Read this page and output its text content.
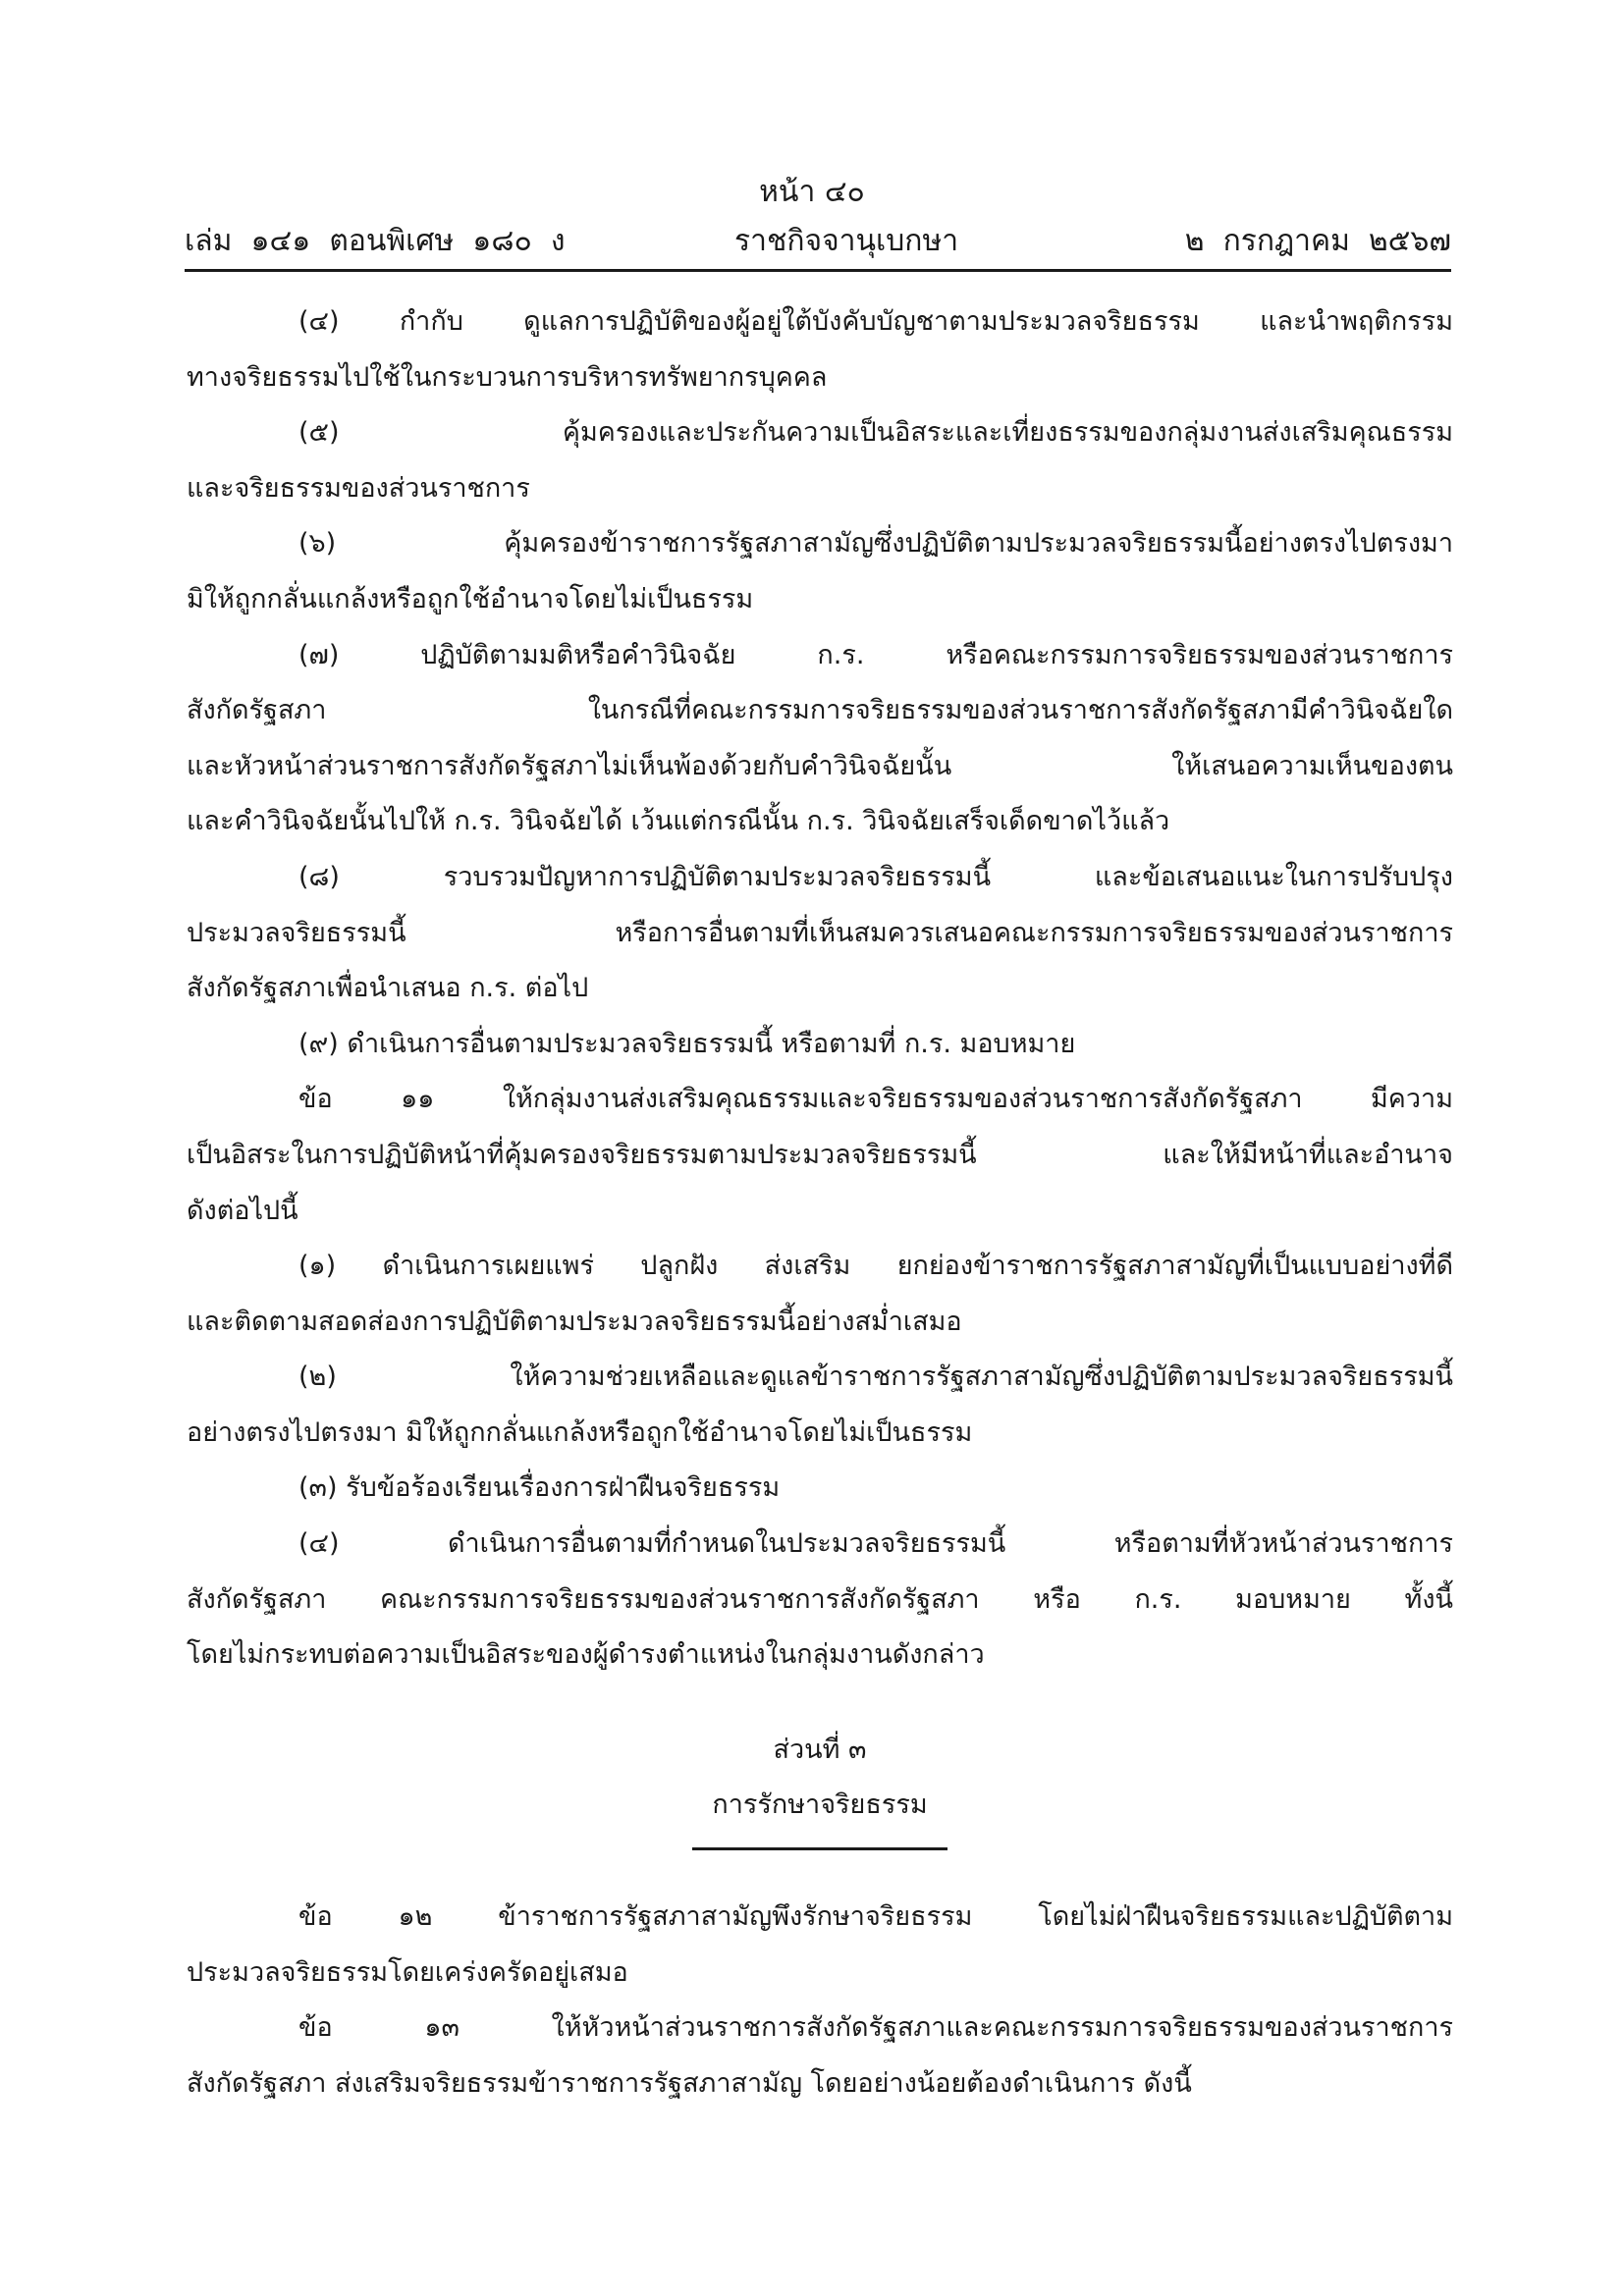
หน้า ๔๐
เล่ม  ๑๔๑  ตอนพิเศษ  ๑๘๐  ง	ราชกิจจานุเบกษา	๒  กรกฎาคม  ๒๕๖๗
(๔) กำกับ ดูแลการปฏิบัติของผู้อยู่ใต้บังคับบัญชาตามประมวลจริยธรรม และนำพฤติกรรม
ทางจริยธรรมไปใช้ในกระบวนการบริหารทรัพยากรบุคคล
(๕) คุ้มครองและประกันความเป็นอิสระและเที่ยงธรรมของกลุ่มงานส่งเสริมคุณธรรม
และจริยธรรมของส่วนราชการ
(๖) คุ้มครองข้าราชการรัฐสภาสามัญซึ่งปฏิบัติตามประมวลจริยธรรมนี้อย่างตรงไปตรงมา
มิให้ถูกกลั่นแกล้งหรือถูกใช้อำนาจโดยไม่เป็นธรรม
(๗) ปฏิบัติตามมติหรือคำวินิจฉัย ก.ร. หรือคณะกรรมการจริยธรรมของส่วนราชการ
สังกัดรัฐสภา ในกรณีที่คณะกรรมการจริยธรรมของส่วนราชการสังกัดรัฐสภามีคำวินิจฉัยใด
และหัวหน้าส่วนราชการสังกัดรัฐสภาไม่เห็นพ้องด้วยกับคำวินิจฉัยนั้น ให้เสนอความเห็นของตน
และคำวินิจฉัยนั้นไปให้ ก.ร. วินิจฉัยได้ เว้นแต่กรณีนั้น ก.ร. วินิจฉัยเสร็จเด็ดขาดไว้แล้ว
(๘) รวบรวมปัญหาการปฏิบัติตามประมวลจริยธรรมนี้ และข้อเสนอแนะในการปรับปรุง
ประมวลจริยธรรมนี้ หรือการอื่นตามที่เห็นสมควรเสนอคณะกรรมการจริยธรรมของส่วนราชการ
สังกัดรัฐสภาเพื่อนำเสนอ ก.ร. ต่อไป
(๙) ดำเนินการอื่นตามประมวลจริยธรรมนี้ หรือตามที่ ก.ร. มอบหมาย
ข้อ ๑๑ ให้กลุ่มงานส่งเสริมคุณธรรมและจริยธรรมของส่วนราชการสังกัดรัฐสภา มีความ
เป็นอิสระในการปฏิบัติหน้าที่คุ้มครองจริยธรรมตามประมวลจริยธรรมนี้ และให้มีหน้าที่และอำนาจ
ดังต่อไปนี้
(๑) ดำเนินการเผยแพร่ ปลูกฝัง ส่งเสริม ยกย่องข้าราชการรัฐสภาสามัญที่เป็นแบบอย่างที่ดี
และติดตามสอดส่องการปฏิบัติตามประมวลจริยธรรมนี้อย่างสม่ำเสมอ
(๒) ให้ความช่วยเหลือและดูแลข้าราชการรัฐสภาสามัญซึ่งปฏิบัติตามประมวลจริยธรรมนี้
อย่างตรงไปตรงมา มิให้ถูกกลั่นแกล้งหรือถูกใช้อำนาจโดยไม่เป็นธรรม
(๓) รับข้อร้องเรียนเรื่องการฝ่าฝืนจริยธรรม
(๔) ดำเนินการอื่นตามที่กำหนดในประมวลจริยธรรมนี้ หรือตามที่หัวหน้าส่วนราชการ
สังกัดรัฐสภา คณะกรรมการจริยธรรมของส่วนราชการสังกัดรัฐสภา หรือ ก.ร. มอบหมาย ทั้งนี้
โดยไม่กระทบต่อความเป็นอิสระของผู้ดำรงตำแหน่งในกลุ่มงานดังกล่าว
ส่วนที่ ๓
การรักษาจริยธรรม
ข้อ ๑๒ ข้าราชการรัฐสภาสามัญพึงรักษาจริยธรรม โดยไม่ฝ่าฝืนจริยธรรมและปฏิบัติตาม
ประมวลจริยธรรมโดยเคร่งครัดอยู่เสมอ
ข้อ ๑๓ ให้หัวหน้าส่วนราชการสังกัดรัฐสภาและคณะกรรมการจริยธรรมของส่วนราชการ
สังกัดรัฐสภา ส่งเสริมจริยธรรมข้าราชการรัฐสภาสามัญ โดยอย่างน้อยต้องดำเนินการ ดังนี้
